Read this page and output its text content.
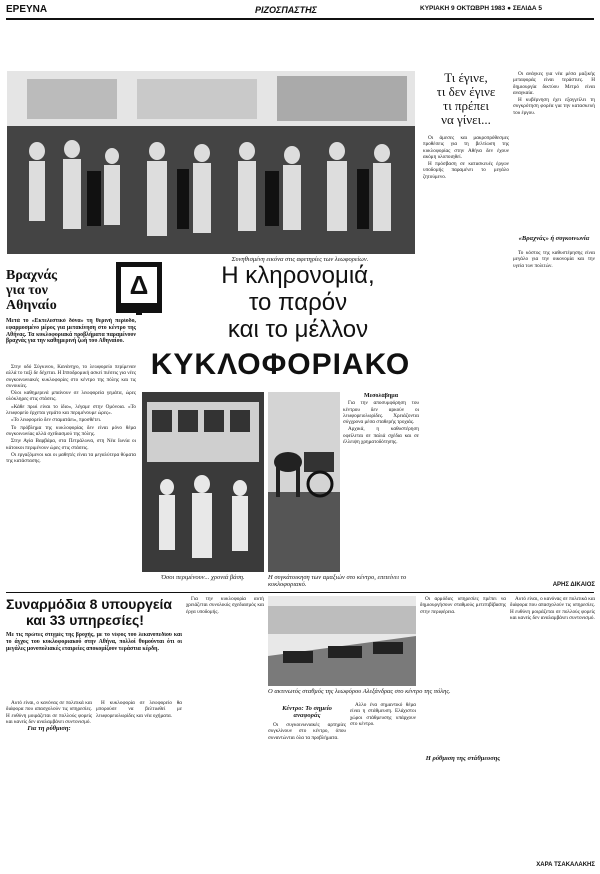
ΕΡΕΥΝΑ	ΡΙΖΟΣΠΑΣΤΗΣ	ΚΥΡΙΑΚΗ 9 ΟΚΤΩΒΡΗ 1983 ● ΣΕΛΙΔΑ 5
Συνηθισμένη εικόνα στις αφετηρίες των λεωφορείων.
Τι έγινε,
τι δεν έγινε
τι πρέπει
να γίνει...

Οι άμεσες και μακροπρόθεσμες προθέσεις για τη βελτίωση της κυκλοφορίας στην Αθήνα δεν έχουν ακόμη υλοποιηθεί.

Η πρόσβαση σε κατασκευές έργων υποδομής παραμένει το μεγάλο ζητούμενο.

Οι ανάγκες για νέα μέσα μαζικής μεταφοράς είναι τεράστιες. Η δημιουργία δικτύου Μετρό είναι αναγκαία.

Η κυβέρνηση έχει εξαγγείλει τη συγκρότηση φορέα για την κατασκευή του έργου.

«Βραχνάς» ή συγκοινωνία

Το κόστος της καθυστέρησης είναι μεγάλο για την οικονομία και την υγεία των πολιτών.

ΑΡΗΣ ΔΙΚΑΙΟΣ
Βραχνάς
για τον
Αθηναίο
Δ	Η κληρονομιά,
το παρόν
και το μέλλον
ΚΥΚΛΟΦΟΡΙΑΚΟ
Μετά το «Εκτελεστικό δόνα» τη θερινή περίοδο, εφαρμοσμένο μέρος για μετακίνηση στο κέντρο της Αθήνας. Τα κυκλοφοριακά προβλήματα παραμένουν βραχνάς για την καθημερινή ζωή του Αθηναίου.

Στην οδό Σύγκινου, Κανάνηγο, το λεωφορείο περίμεναν αλλά το ταξί δε δέχεται. Η Ιπποδρομική ασκεί πιέσεις για νέες συγκοινωνιακές κυκλοφορίες στο κέντρο της πόλης και τις συνοικίες.

Όλοι καθημερινά μπαίνουν σε λεωφορεία γεμάτα, ώρες ολόκληρες στις στάσεις.

«Κάθε πρωί είναι το ίδιο», λέγαμε στην Ομόνοια. «Το λεωφορείο έρχεται γεμάτο και περιμένουμε ώρες».

«Το λεωφορείο δεν σταματάει», προσθέτει.

Το πρόβλημα της κυκλοφορίας δεν είναι μόνο θέμα συγκοινωνίας αλλά σχεδιασμού της πόλης.

Στην Αγία Βαρβάρα, στα Πετράλωνα, στη Νέα Ιωνία οι κάτοικοι περιμένουν ώρες στις στάσεις.

Οι εργαζόμενοι και οι μαθητές είναι τα μεγαλύτερα θύματα της κατάστασης.

Μεσολάβημα

Για την αποσυμφόρηση του κέντρου δεν αρκούν οι λεωφορειολωρίδες. Χρειάζονται σύγχρονα μέσα σταθερής τροχιάς.

Αρχικά, η καθυστέρηση οφείλεται σε παλιά σχέδια και σε έλλειψη χρηματοδότησης.

Όσοι περιμένουν... χρονιά βάση.	Η συγκάτοικηση των αμαξιών στο κέντρο, επιτείνει το κυκλοφοριακό.
Συναρμόδια 8 υπουργεία
και 33 υπηρεσίες!
Με τις πρώτες στιγμές της βροχής, με το νέφος του λεκανοπεδίου και το άγχος του κυκλοφοριακού στην Αθήνα, πολλοί θυμούνται ότι οι μεγάλες μονοπολιακές εταιρείες αποκομίζουν τεράστια κέρδη.

Αυτό είναι, ο κανόνας σε πολιτικά και διάφορα που απασχολούν τις υπηρεσίες. Η ευθύνη μοιράζεται σε πολλούς φορείς και κανείς δεν αναλαμβάνει συντονισμό.

Για τη ρύθμιση:

Η κυκλοφορία σε λεωφορείο θα μπορούσε να βελτιωθεί με λεωφορειολωρίδες και νέα οχήματα.

Για την κυκλοφορία αυτή χρειάζεται συνολικός σχεδιασμός και έργα υποδομής.

Ο ακτινωτός σταθμός της λεωφόρου Αλεξάνδρας στο κέντρο της πόλης.
Κέντρο: Το σημείο αναφοράς

Οι συγκοινωνιακές αρτηρίες συγκλίνουν στο κέντρο, όπου συναντώνται όλα τα προβλήματα.

Η ρύθμιση της στάθμευσης

Αλλο ένα σημαντικό θέμα είναι η στάθμευση. Ελάχιστοι χώροι στάθμευσης υπάρχουν στο κέντρο.

Οι αρμόδιες υπηρεσίες πρέπει να δημιουργήσουν σταθμούς μετεπιβίβασης στην περιφέρεια.

Αυτό είναι, ο κανόνας σε πολιτικά και διάφορα που απασχολούν τις υπηρεσίες. Η ευθύνη μοιράζεται σε πολλούς φορείς και κανείς δεν αναλαμβάνει συντονισμό.

ΧΑΡΑ ΤΣΑΚΑΛΑΚΗΣ
